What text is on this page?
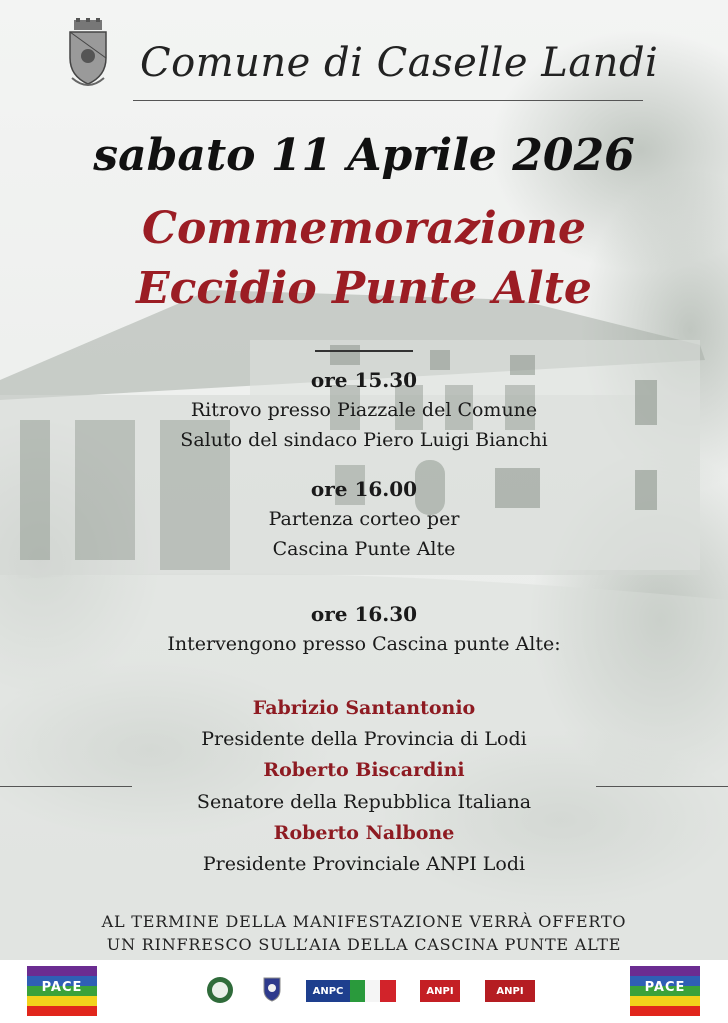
Comune di Caselle Landi
sabato 11 Aprile 2026
Commemorazione
Eccidio Punte Alte
ore 15.30
Ritrovo presso Piazzale del Comune
Saluto del sindaco Piero Luigi Bianchi
ore 16.00
Partenza corteo per
Cascina Punte Alte
ore 16.30
Intervengono presso Cascina punte Alte:
Fabrizio Santantonio
Presidente della Provincia di Lodi
Roberto Biscardini
Senatore della Repubblica Italiana
Roberto Nalbone
Presidente Provinciale ANPI Lodi
AL TERMINE DELLA MANIFESTAZIONE VERRÀ OFFERTO
UN RINFRESCO SULL’AIA DELLA CASCINA PUNTE ALTE
PACE	ANPC	ANPI	ANPI	PACE
